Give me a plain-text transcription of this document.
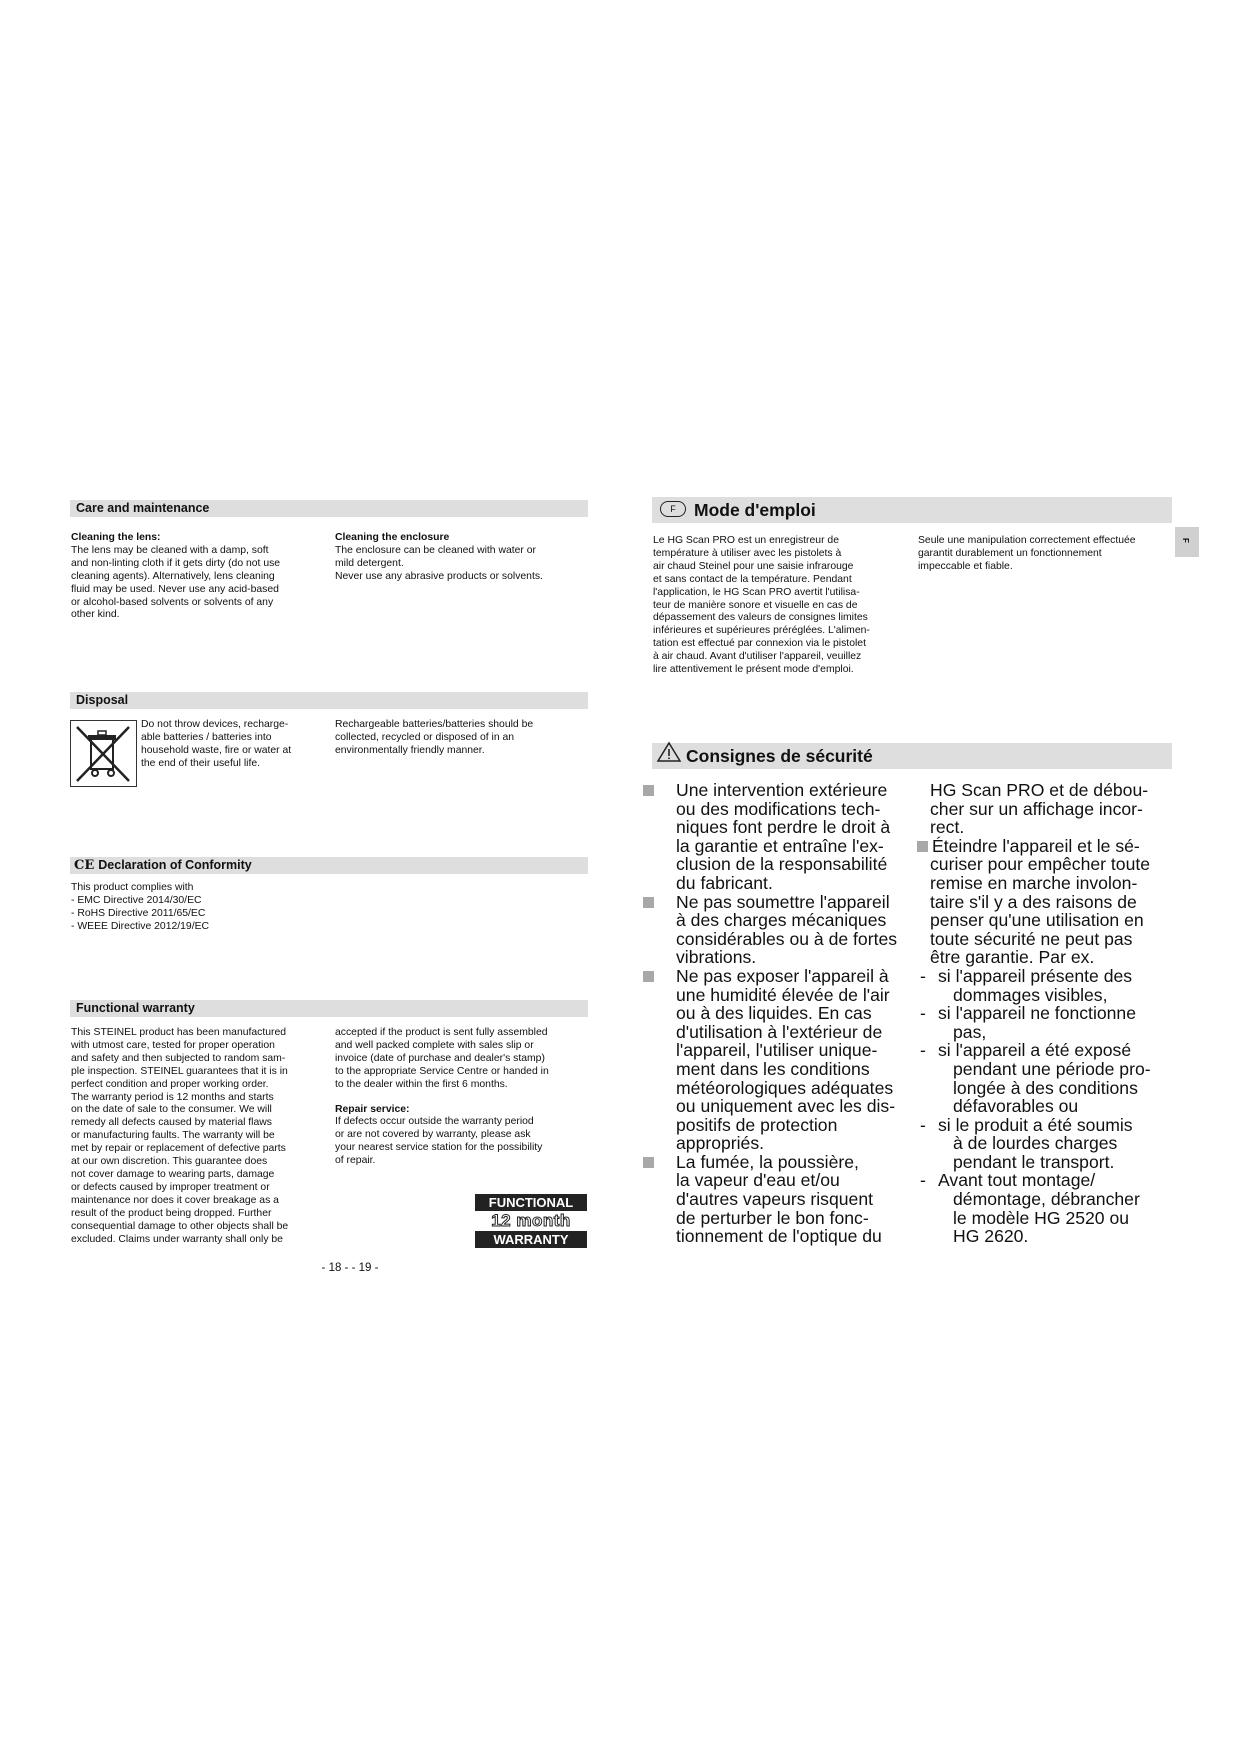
Care and maintenance
Cleaning the lens:
The lens may be cleaned with a damp, soft
and non-linting cloth if it gets dirty (do not use
cleaning agents). Alternatively, lens cleaning
fluid may be used. Never use any acid-based
or alcohol-based solvents or solvents of any
other kind.
Cleaning the enclosure
The enclosure can be cleaned with water or
mild detergent.
Never use any abrasive products or solvents.
Disposal
Do not throw devices, recharge-
able batteries / batteries into
household waste, fire or water at
the end of their useful life.
Rechargeable batteries/batteries should be
collected, recycled or disposed of in an
environmentally friendly manner.
CE Declaration of Conformity
This product complies with
- EMC Directive 2014/30/EC
- RoHS Directive 2011/65/EC
- WEEE Directive 2012/19/EC
Functional warranty
This STEINEL product has been manufactured
with utmost care, tested for proper operation
and safety and then subjected to random sam-
ple inspection. STEINEL guarantees that it is in
perfect condition and proper working order.
The warranty period is 12 months and starts
on the date of sale to the consumer. We will
remedy all defects caused by material flaws
or manufacturing faults. The warranty will be
met by repair or replacement of defective parts
at our own discretion. This guarantee does
not cover damage to wearing parts, damage
or defects caused by improper treatment or
maintenance nor does it cover breakage as a
result of the product being dropped. Further
consequential damage to other objects shall be
excluded. Claims under warranty shall only be
accepted if the product is sent fully assembled
and well packed complete with sales slip or
invoice (date of purchase and dealer's stamp)
to the appropriate Service Centre or handed in
to the dealer within the first 6 months.
Repair service:
If defects occur outside the warranty period
or are not covered by warranty, please ask
your nearest service station for the possibility
of repair.
FUNCTIONAL
12 month
WARRANTY
- 18 - - 19 -
F Mode d'emploi
F
Le HG Scan PRO est un enregistreur de
température à utiliser avec les pistolets à
air chaud Steinel pour une saisie infrarouge
et sans contact de la température. Pendant
l'application, le HG Scan PRO avertit l'utilisa-
teur de manière sonore et visuelle en cas de
dépassement des valeurs de consignes limites
inférieures et supérieures préréglées. L'alimen-
tation est effectué par connexion via le pistolet
à air chaud. Avant d'utiliser l'appareil, veuillez
lire attentivement le présent mode d'emploi.
Seule une manipulation correctement effectuée
garantit durablement un fonctionnement
impeccable et fiable.
Consignes de sécurité
Une intervention extérieure
ou des modifications tech-
niques font perdre le droit à
la garantie et entraîne l'ex-
clusion de la responsabilité
du fabricant.
Ne pas soumettre l'appareil
à des charges mécaniques
considérables ou à de fortes
vibrations.
Ne pas exposer l'appareil à
une humidité élevée de l'air
ou à des liquides. En cas
d'utilisation à l'extérieur de
l'appareil, l'utiliser unique-
ment dans les conditions
météorologiques adéquates
ou uniquement avec les dis-
positifs de protection
appropriés.
La fumée, la poussière,
la vapeur d'eau et/ou
d'autres vapeurs risquent
de perturber le bon fonc-
tionnement de l'optique du
HG Scan PRO et de débou-
cher sur un affichage incor-
rect.
Éteindre l'appareil et le sé-
curiser pour empêcher toute
remise en marche involon-
taire s'il y a des raisons de
penser qu'une utilisation en
toute sécurité ne peut pas
être garantie. Par ex.
- si l'appareil présente des
dommages visibles,
- si l'appareil ne fonctionne
pas,
- si l'appareil a été exposé
pendant une période pro-
longée à des conditions
défavorables ou
- si le produit a été soumis
à de lourdes charges
pendant le transport.
- Avant tout montage/
démontage, débrancher
le modèle HG 2520 ou
HG 2620.
